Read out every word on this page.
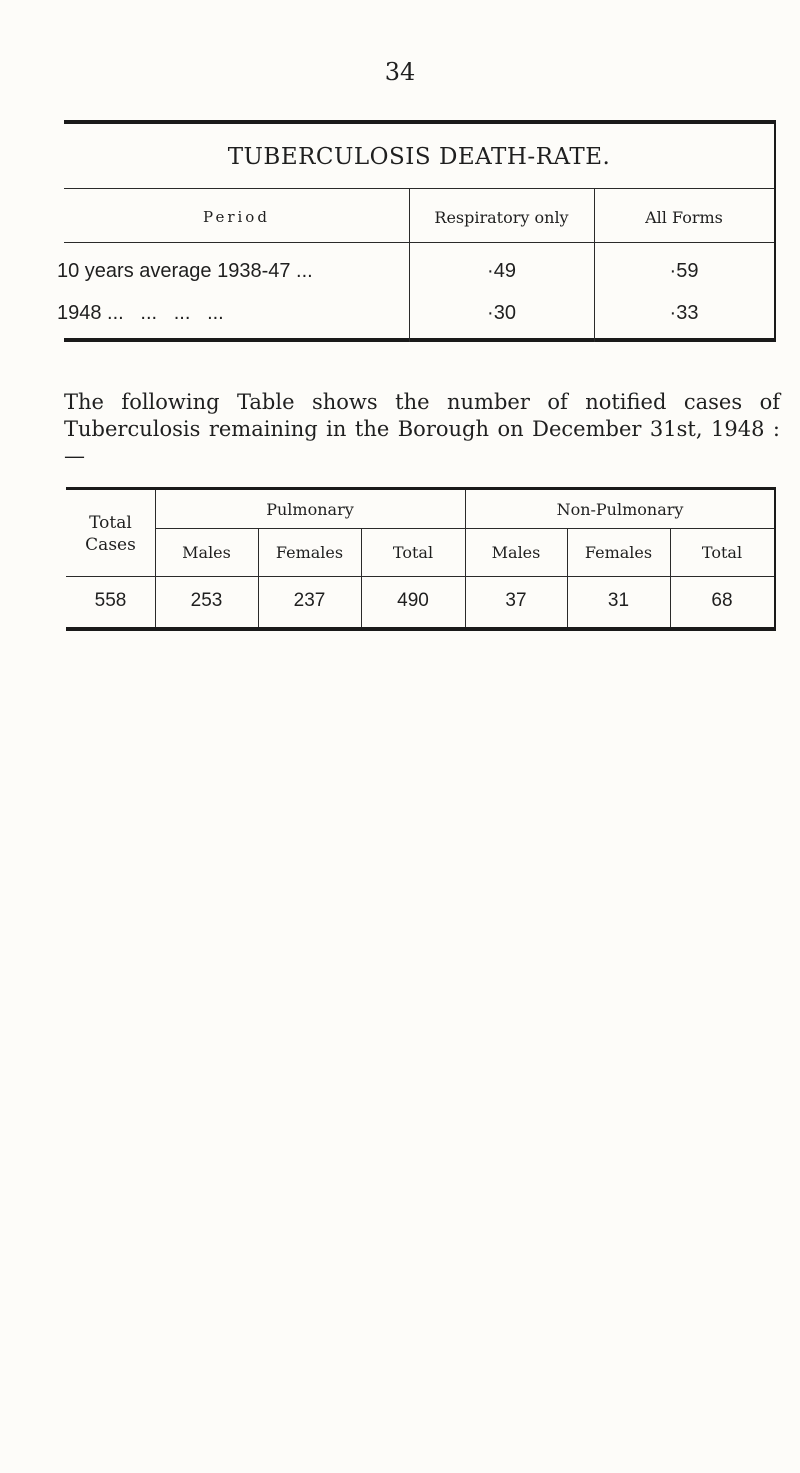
34
TUBERCULOSIS DEATH-RATE.
Period	Respiratory only	All Forms
10 years average 1938-47 ...	·49	·59
1948 ...   ...   ...   ...	·30	·33
The following Table shows the number of notified cases of Tuberculosis remaining in the Borough on December 31st, 1948 :—
Total Cases
Pulmonary	Non-Pulmonary
Males	Females	Total	Males	Females	Total
558	253	237	490	37	31	68
